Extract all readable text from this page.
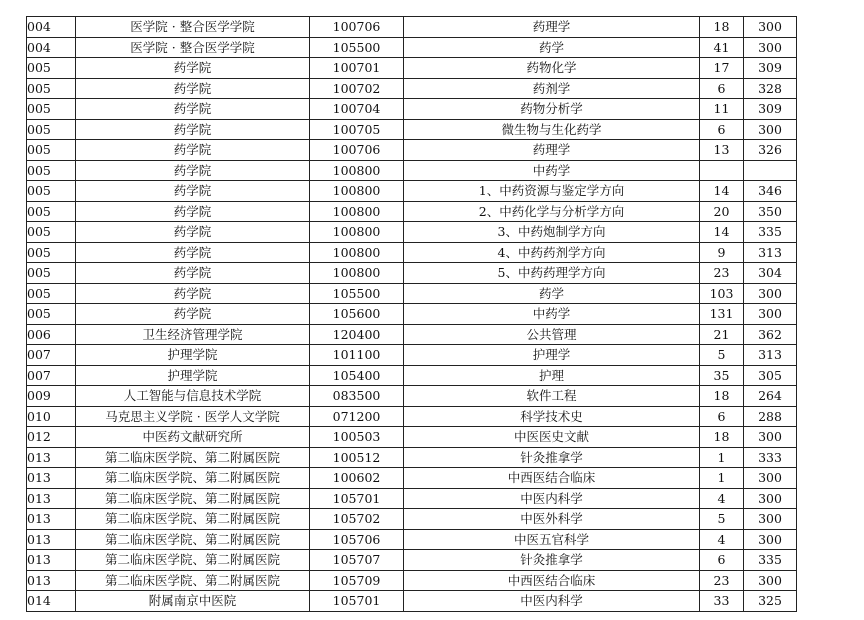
004	医学院 · 整合医学学院	100706	药理学	18	300
004	医学院 · 整合医学学院	105500	药学	41	300
005	药学院	100701	药物化学	17	309
005	药学院	100702	药剂学	6	328
005	药学院	100704	药物分析学	11	309
005	药学院	100705	微生物与生化药学	6	300
005	药学院	100706	药理学	13	326
005	药学院	100800	中药学		
005	药学院	100800	1、中药资源与鉴定学方向	14	346
005	药学院	100800	2、中药化学与分析学方向	20	350
005	药学院	100800	3、中药炮制学方向	14	335
005	药学院	100800	4、中药药剂学方向	9	313
005	药学院	100800	5、中药药理学方向	23	304
005	药学院	105500	药学	103	300
005	药学院	105600	中药学	131	300
006	卫生经济管理学院	120400	公共管理	21	362
007	护理学院	101100	护理学	5	313
007	护理学院	105400	护理	35	305
009	人工智能与信息技术学院	083500	软件工程	18	264
010	马克思主义学院 · 医学人文学院	071200	科学技术史	6	288
012	中医药文献研究所	100503	中医医史文献	18	300
013	第二临床医学院、第二附属医院	100512	针灸推拿学	1	333
013	第二临床医学院、第二附属医院	100602	中西医结合临床	1	300
013	第二临床医学院、第二附属医院	105701	中医内科学	4	300
013	第二临床医学院、第二附属医院	105702	中医外科学	5	300
013	第二临床医学院、第二附属医院	105706	中医五官科学	4	300
013	第二临床医学院、第二附属医院	105707	针灸推拿学	6	335
013	第二临床医学院、第二附属医院	105709	中西医结合临床	23	300
014	附属南京中医院	105701	中医内科学	33	325
